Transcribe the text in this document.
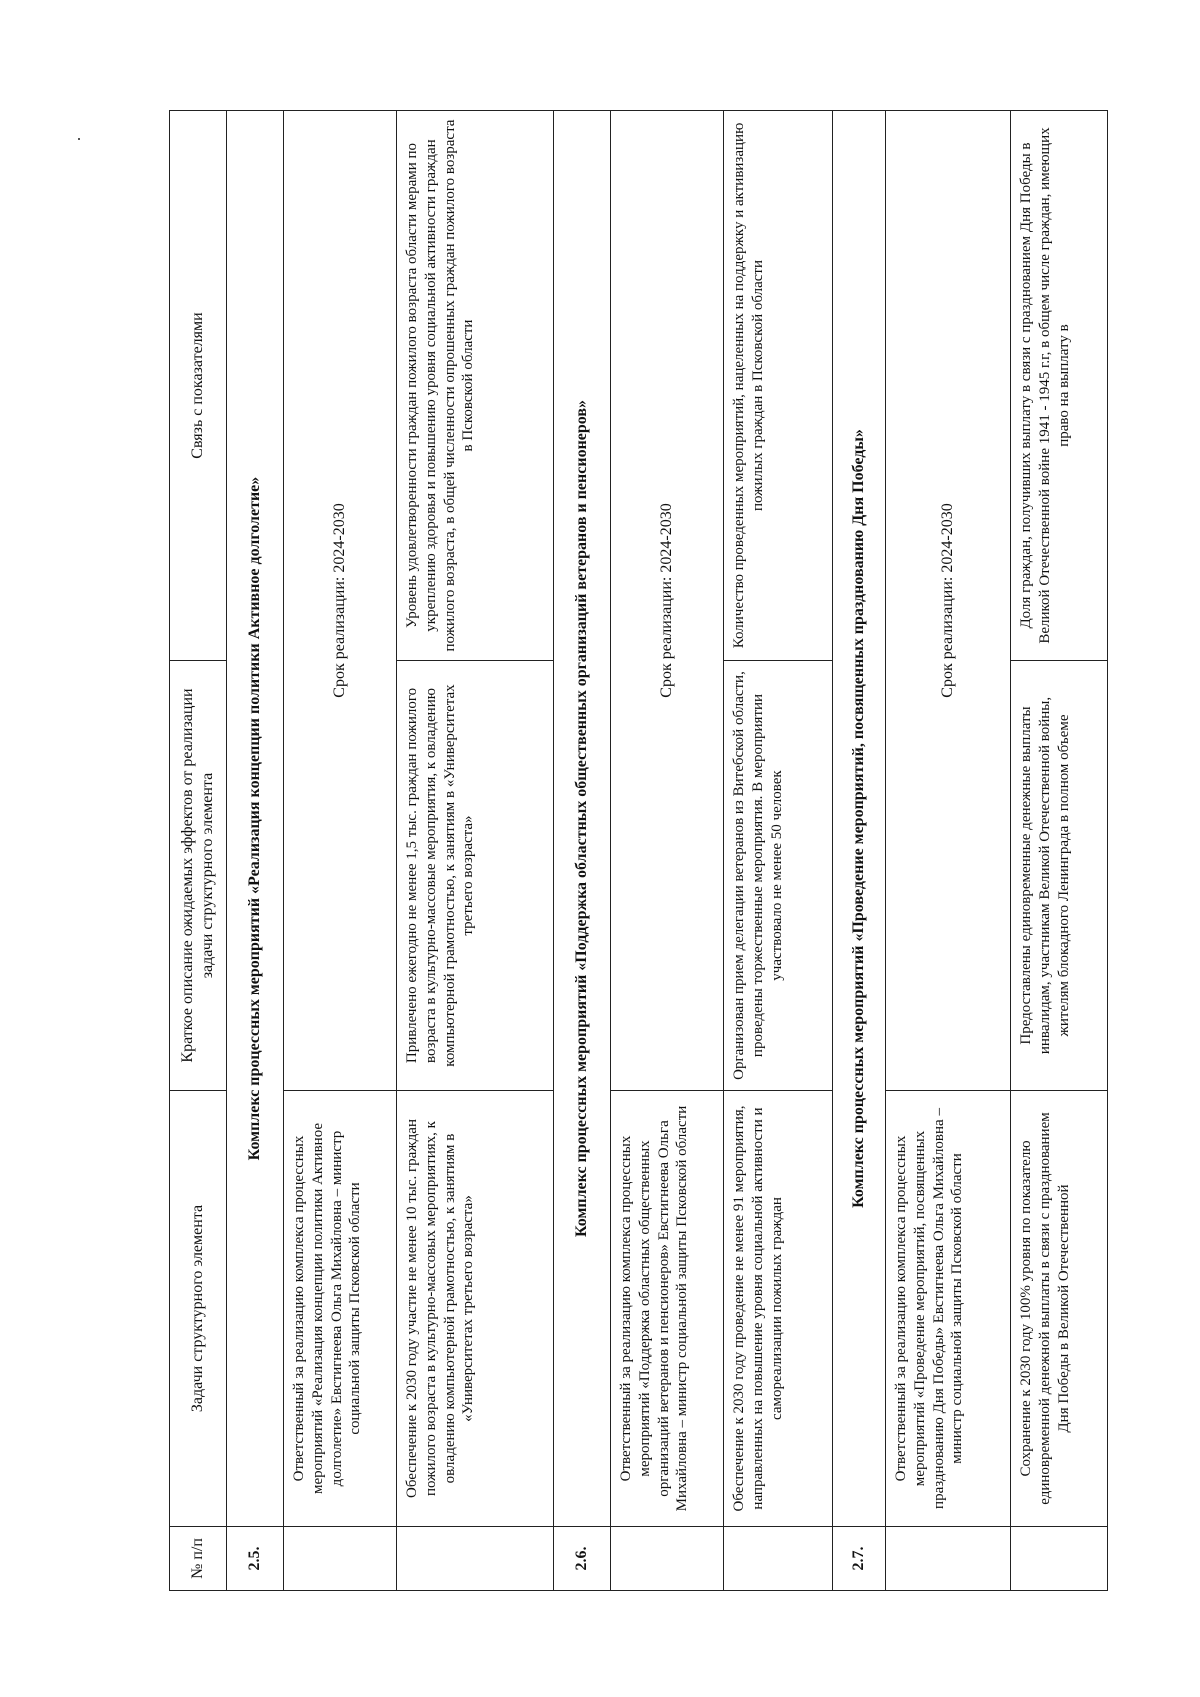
№ п/п	Задачи структурного элемента	Краткое описание ожидаемых эффектов от реализации задачи структурного элемента	Связь с показателями
2.5.	Комплекс процессных мероприятий «Реализация концепции политики Активное долголетие»		
	Ответственный за реализацию комплекса процессных мероприятий «Реализация концепции политики Активное долголетие» Евстигнеева Ольга Михайловна – министр социальной защиты Псковской области	Срок реализации: 2024-2030	
	Обеспечение к 2030 году участие не менее 10 тыс. граждан пожилого возраста в культурно-массовых мероприятиях, к овладению компьютерной грамотностью, к занятиям в «Университетах третьего возраста»	Привлечено ежегодно не менее 1,5 тыс. граждан пожилого возраста в культурно-массовые мероприятия, к овладению компьютерной грамотностью, к занятиям в «Университетах третьего возраста»	Уровень удовлетворенности граждан пожилого возраста области мерами по укреплению здоровья и повышению уровня социальной активности граждан пожилого возраста, в общей численности опрошенных граждан пожилого возраста в Псковской области
2.6.	Комплекс процессных мероприятий «Поддержка областных общественных организаций ветеранов и пенсионеров»		
	Ответственный за реализацию комплекса процессных мероприятий «Поддержка областных общественных организаций ветеранов и пенсионеров» Евстигнеева Ольга Михайловна – министр социальной защиты Псковской области	Срок реализации: 2024-2030	
	Обеспечение к 2030 году проведение не менее 91 мероприятия, направленных на повышение уровня социальной активности и самореализации пожилых граждан	Организован прием делегации ветеранов из Витебской области, проведены торжественные мероприятия. В мероприятии участвовало не менее 50 человек	Количество проведенных мероприятий, нацеленных на поддержку и активизацию пожилых граждан в Псковской области
2.7.	Комплекс процессных мероприятий «Проведение мероприятий, посвященных празднованию Дня Победы»		
	Ответственный за реализацию комплекса процессных мероприятий «Проведение мероприятий, посвященных празднованию Дня Победы» Евстигнеева Ольга Михайловна – министр социальной защиты Псковской области	Срок реализации: 2024-2030	
	Сохранение к 2030 году 100% уровня по показателю единовременной денежной выплаты в связи с празднованием Дня Победы в Великой Отечественной	Предоставлены единовременные денежные выплаты инвалидам, участникам Великой Отечественной войны, жителям блокадного Ленинграда в полном объеме	Доля граждан, получивших выплату в связи с празднованием Дня Победы в Великой Отечественной войне 1941 - 1945 г.г, в общем числе граждан, имеющих право на выплату в
